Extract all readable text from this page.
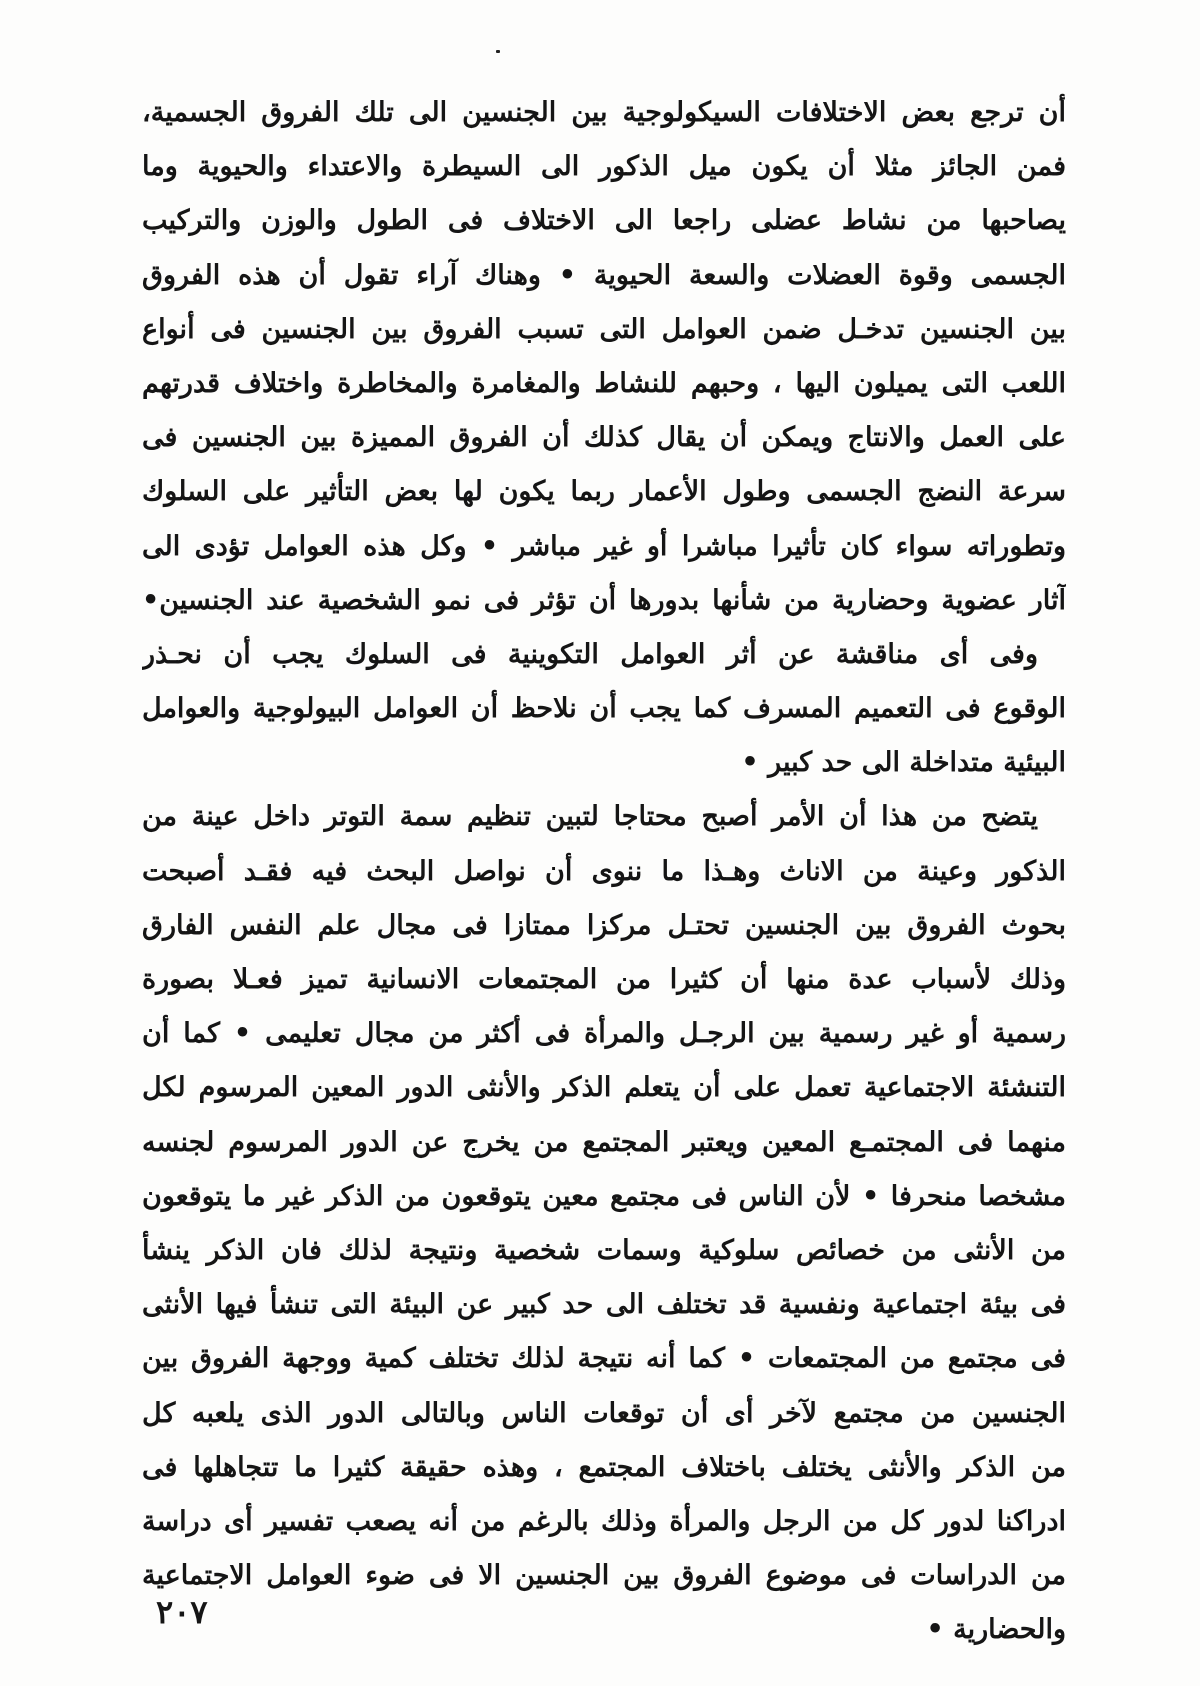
أن ترجع بعض الاختلافات السيكولوجية بين الجنسين الى تلك الفروق الجسمية،
فمن الجائز مثلا أن يكون ميل الذكور الى السيطرة والاعتداء والحيوية وما
يصاحبها من نشاط عضلى راجعا الى الاختلاف فى الطول والوزن والتركيب
الجسمى وقوة العضلات والسعة الحيوية • وهناك آراء تقول أن هذه الفروق
بين الجنسين تدخـل ضمن العوامل التى تسبب الفروق بين الجنسين فى أنواع
اللعب التى يميلون اليها ، وحبهم للنشاط والمغامرة والمخاطرة واختلاف قدرتهم
على العمل والانتاج ويمكن أن يقال كذلك أن الفروق المميزة بين الجنسين فى
سرعة النضج الجسمى وطول الأعمار ربما يكون لها بعض التأثير على السلوك
وتطوراته سواء كان تأثيرا مباشرا أو غير مباشر • وكل هذه العوامل تؤدى الى
آثار عضوية وحضارية من شأنها بدورها أن تؤثر فى نمو الشخصية عند الجنسين•
وفى أى مناقشة عن أثر العوامل التكوينية فى السلوك يجب أن نحـذر
الوقوع فى التعميم المسرف كما يجب أن نلاحظ أن العوامل البيولوجية والعوامل
البيئية متداخلة الى حد كبير •
يتضح من هذا أن الأمر أصبح محتاجا لتبين تنظيم سمة التوتر داخل عينة من
الذكور وعينة من الاناث وهـذا ما ننوى أن نواصل البحث فيه فقـد أصبحت
بحوث الفروق بين الجنسين تحتـل مركزا ممتازا فى مجال علم النفس الفارق
وذلك لأسباب عدة منها أن كثيرا من المجتمعات الانسانية تميز فعـلا بصورة
رسمية أو غير رسمية بين الرجـل والمرأة فى أكثر من مجال تعليمى • كما أن
التنشئة الاجتماعية تعمل على أن يتعلم الذكر والأنثى الدور المعين المرسوم لكل
منهما فى المجتمـع المعين ويعتبر المجتمع من يخرج عن الدور المرسوم لجنسه
مشخصا منحرفا • لأن الناس فى مجتمع معين يتوقعون من الذكر غير ما يتوقعون
من الأنثى من خصائص سلوكية وسمات شخصية ونتيجة لذلك فان الذكر ينشأ
فى بيئة اجتماعية ونفسية قد تختلف الى حد كبير عن البيئة التى تنشأ فيها الأنثى
فى مجتمع من المجتمعات • كما أنه نتيجة لذلك تختلف كمية ووجهة الفروق بين
الجنسين من مجتمع لآخر أى أن توقعات الناس وبالتالى الدور الذى يلعبه كل
من الذكر والأنثى يختلف باختلاف المجتمع ، وهذه حقيقة كثيرا ما تتجاهلها فى
ادراكنا لدور كل من الرجل والمرأة وذلك بالرغم من أنه يصعب تفسير أى دراسة
من الدراسات فى موضوع الفروق بين الجنسين الا فى ضوء العوامل الاجتماعية
والحضارية •
٢٠٧
